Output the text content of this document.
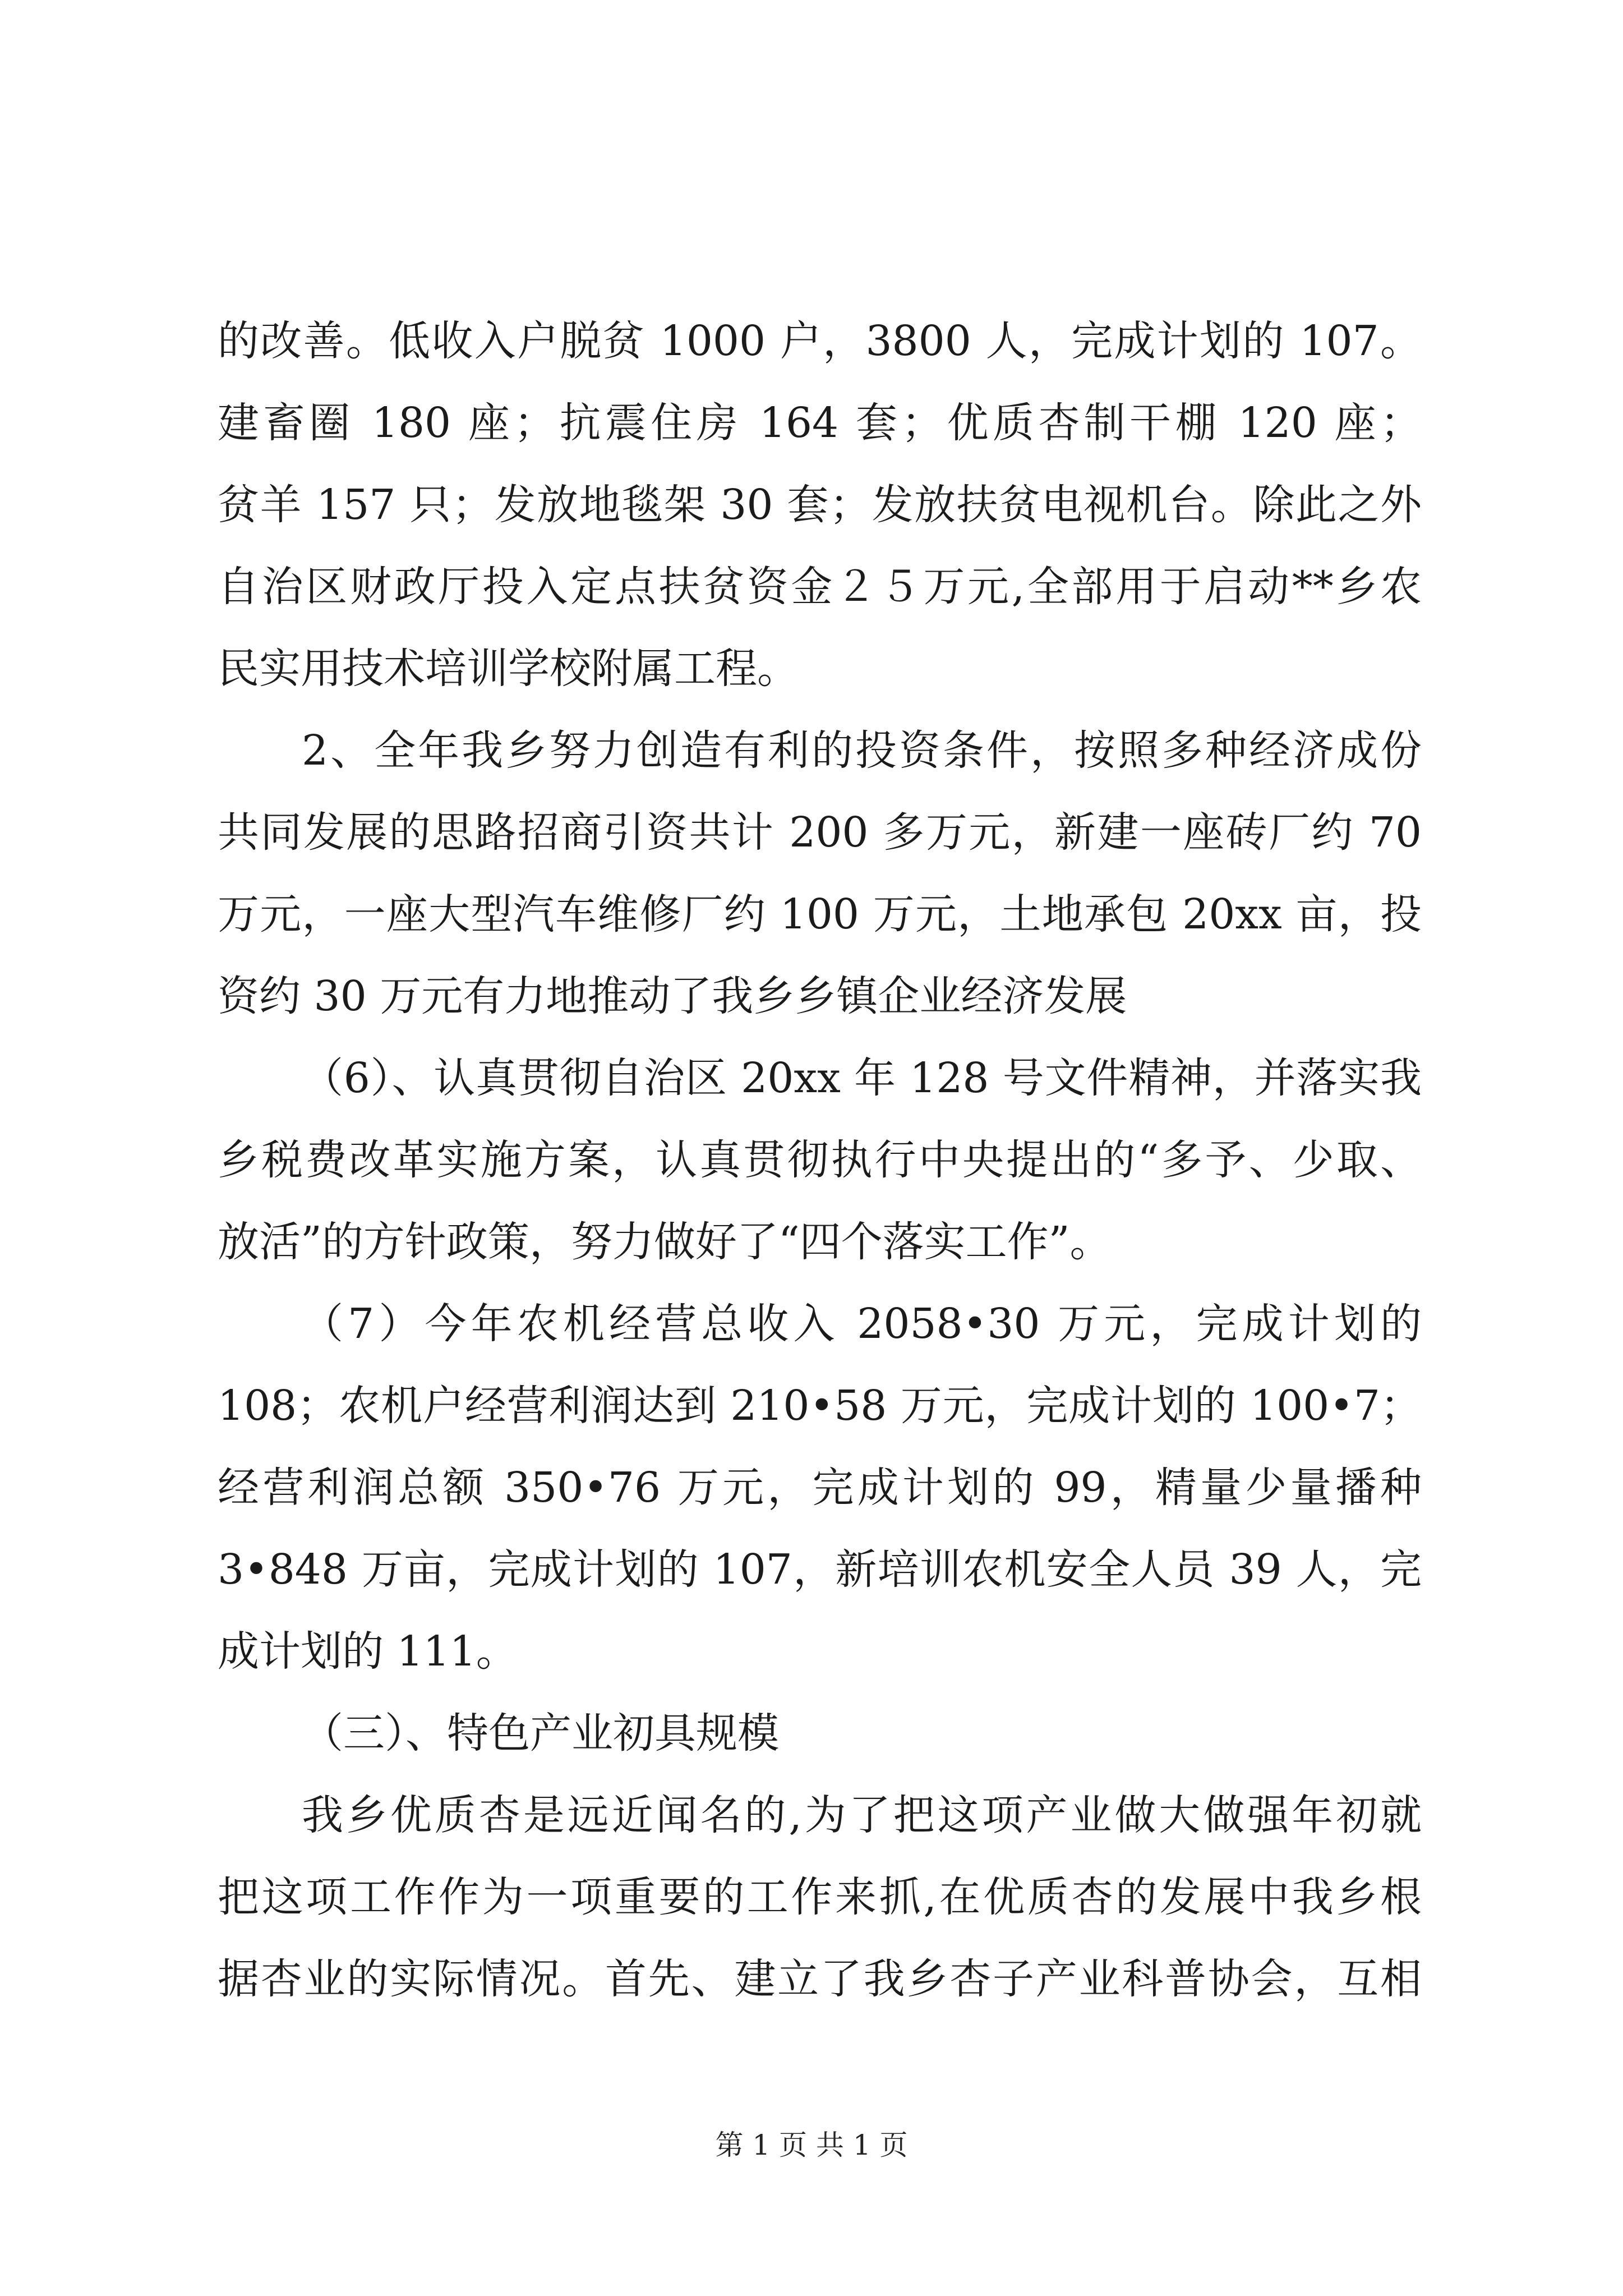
的改善。低收入户脱贫 1000 户，3800 人，完成计划的 107。
建畜圈 180 座；抗震住房 164 套；优质杏制干棚 120 座；
贫羊 157 只；发放地毯架 30 套；发放扶贫电视机台。除此之外
自治区财政厅投入定点扶贫资金２５万元,全部用于启动**乡农
民实用技术培训学校附属工程。
2、全年我乡努力创造有利的投资条件，按照多种经济成份
共同发展的思路招商引资共计 200 多万元，新建一座砖厂约 70
万元，一座大型汽车维修厂约 100 万元，土地承包 20xx 亩，投
资约 30 万元有力地推动了我乡乡镇企业经济发展
（6）、认真贯彻自治区 20xx 年 128 号文件精神，并落实我
乡税费改革实施方案，认真贯彻执行中央提出的“多予、少取、
放活”的方针政策，努力做好了“四个落实工作”。
（7）今年农机经营总收入 2058•30 万元，完成计划的
108；农机户经营利润达到 210•58 万元，完成计划的 100•7；
经营利润总额 350•76 万元，完成计划的 99，精量少量播种
3•848 万亩，完成计划的 107，新培训农机安全人员 39 人，完
成计划的 111。
（三）、特色产业初具规模
我乡优质杏是远近闻名的,为了把这项产业做大做强年初就
把这项工作作为一项重要的工作来抓,在优质杏的发展中我乡根
据杏业的实际情况。首先、建立了我乡杏子产业科普协会，互相
第 1 页 共 1 页
